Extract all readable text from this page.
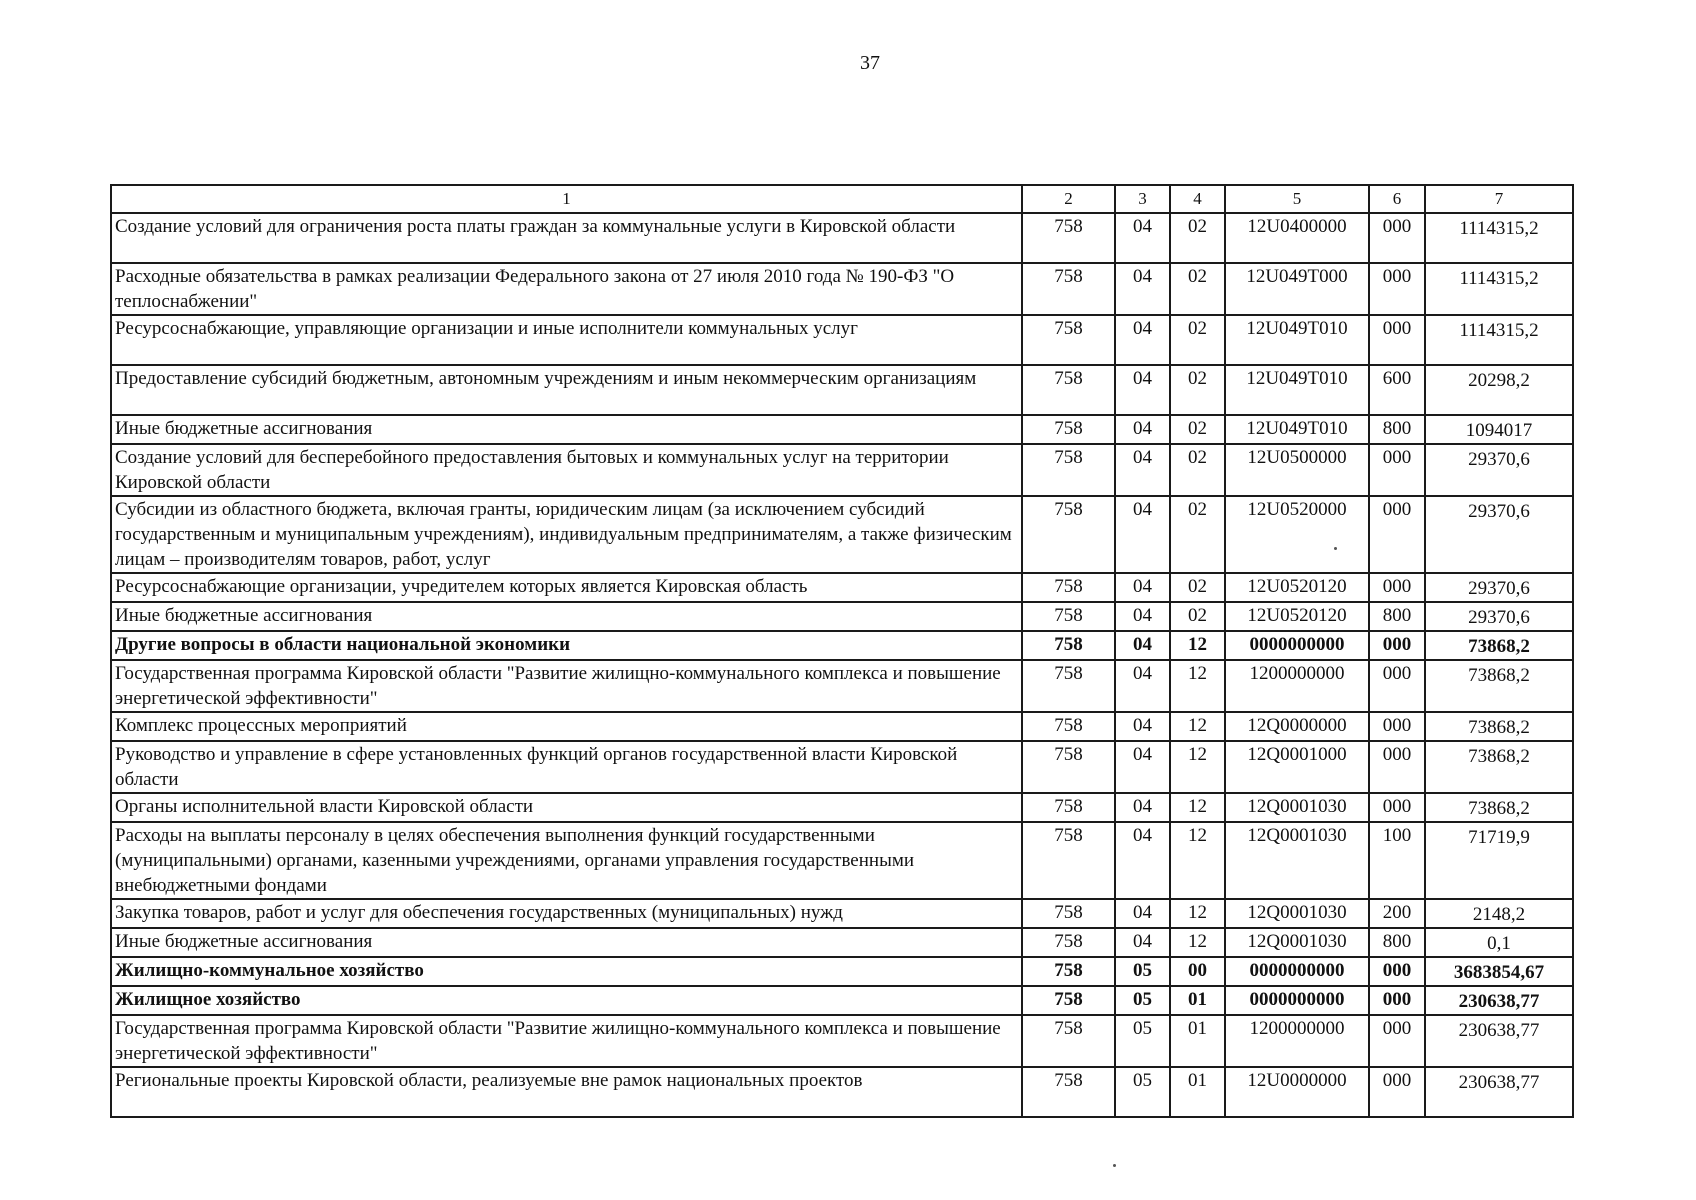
37
1	2	3	4	5	6	7
Создание условий для ограничения роста платы граждан за коммунальные услуги в Кировской области	758	04	02	12U0400000	000	1114315,2
Расходные обязательства в рамках реализации Федерального закона от 27 июля 2010 года № 190-ФЗ "О теплоснабжении"	758	04	02	12U049T000	000	1114315,2
Ресурсоснабжающие, управляющие организации и иные исполнители коммунальных услуг	758	04	02	12U049T010	000	1114315,2
Предоставление субсидий бюджетным, автономным учреждениям и иным некоммерческим организациям	758	04	02	12U049T010	600	20298,2
Иные бюджетные ассигнования	758	04	02	12U049T010	800	1094017
Создание условий для бесперебойного предоставления бытовых и коммунальных услуг на территории Кировской области	758	04	02	12U0500000	000	29370,6
Субсидии из областного бюджета, включая гранты, юридическим лицам (за исключением субсидий государственным и муниципальным учреждениям), индивидуальным предпринимателям, а также физическим лицам – производителям товаров, работ, услуг	758	04	02	12U0520000	000	29370,6
Ресурсоснабжающие организации, учредителем которых является Кировская область	758	04	02	12U0520120	000	29370,6
Иные бюджетные ассигнования	758	04	02	12U0520120	800	29370,6
Другие вопросы в области национальной экономики	758	04	12	0000000000	000	73868,2
Государственная программа Кировской области "Развитие жилищно-коммунального комплекса и повышение энергетической эффективности"	758	04	12	1200000000	000	73868,2
Комплекс процессных мероприятий	758	04	12	12Q0000000	000	73868,2
Руководство и управление в сфере установленных функций органов государственной власти Кировской области	758	04	12	12Q0001000	000	73868,2
Органы исполнительной власти Кировской области	758	04	12	12Q0001030	000	73868,2
Расходы на выплаты персоналу в целях обеспечения выполнения функций государственными (муниципальными) органами, казенными учреждениями, органами управления государственными внебюджетными фондами	758	04	12	12Q0001030	100	71719,9
Закупка товаров, работ и услуг для обеспечения государственных (муниципальных) нужд	758	04	12	12Q0001030	200	2148,2
Иные бюджетные ассигнования	758	04	12	12Q0001030	800	0,1
Жилищно-коммунальное хозяйство	758	05	00	0000000000	000	3683854,67
Жилищное хозяйство	758	05	01	0000000000	000	230638,77
Государственная программа Кировской области "Развитие жилищно-коммунального комплекса и повышение энергетической эффективности"	758	05	01	1200000000	000	230638,77
Региональные проекты Кировской области, реализуемые вне рамок национальных проектов	758	05	01	12U0000000	000	230638,77
